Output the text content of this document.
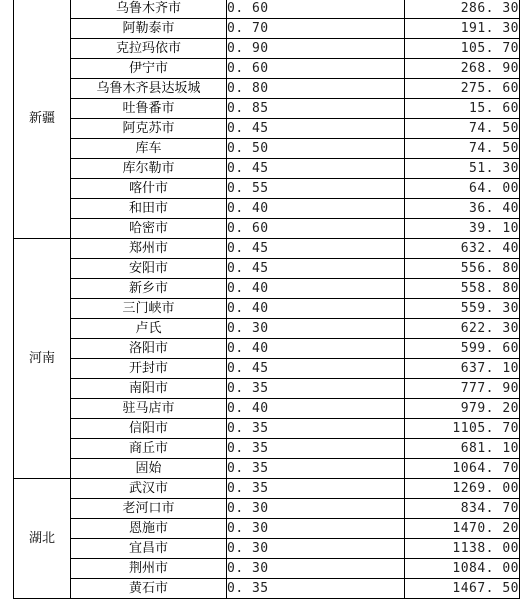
新疆	乌鲁木齐市	0. 60	286. 30
	阿勒泰市	0. 70	191. 30
	克拉玛依市	0. 90	105. 70
	伊宁市	0. 60	268. 90
	乌鲁木齐县达坂城	0. 80	275. 60
	吐鲁番市	0. 85	15. 60
	阿克苏市	0. 45	74. 50
	库车	0. 50	74. 50
	库尔勒市	0. 45	51. 30
	喀什市	0. 55	64. 00
	和田市	0. 40	36. 40
	哈密市	0. 60	39. 10
河南	郑州市	0. 45	632. 40
	安阳市	0. 45	556. 80
	新乡市	0. 40	558. 80
	三门峡市	0. 40	559. 30
	卢氏	0. 30	622. 30
	洛阳市	0. 40	599. 60
	开封市	0. 45	637. 10
	南阳市	0. 35	777. 90
	驻马店市	0. 40	979. 20
	信阳市	0. 35	1105. 70
	商丘市	0. 35	681. 10
	固始	0. 35	1064. 70
湖北	武汉市	0. 35	1269. 00
	老河口市	0. 30	834. 70
	恩施市	0. 30	1470. 20
	宜昌市	0. 30	1138. 00
	荆州市	0. 30	1084. 00
	黄石市	0. 35	1467. 50
